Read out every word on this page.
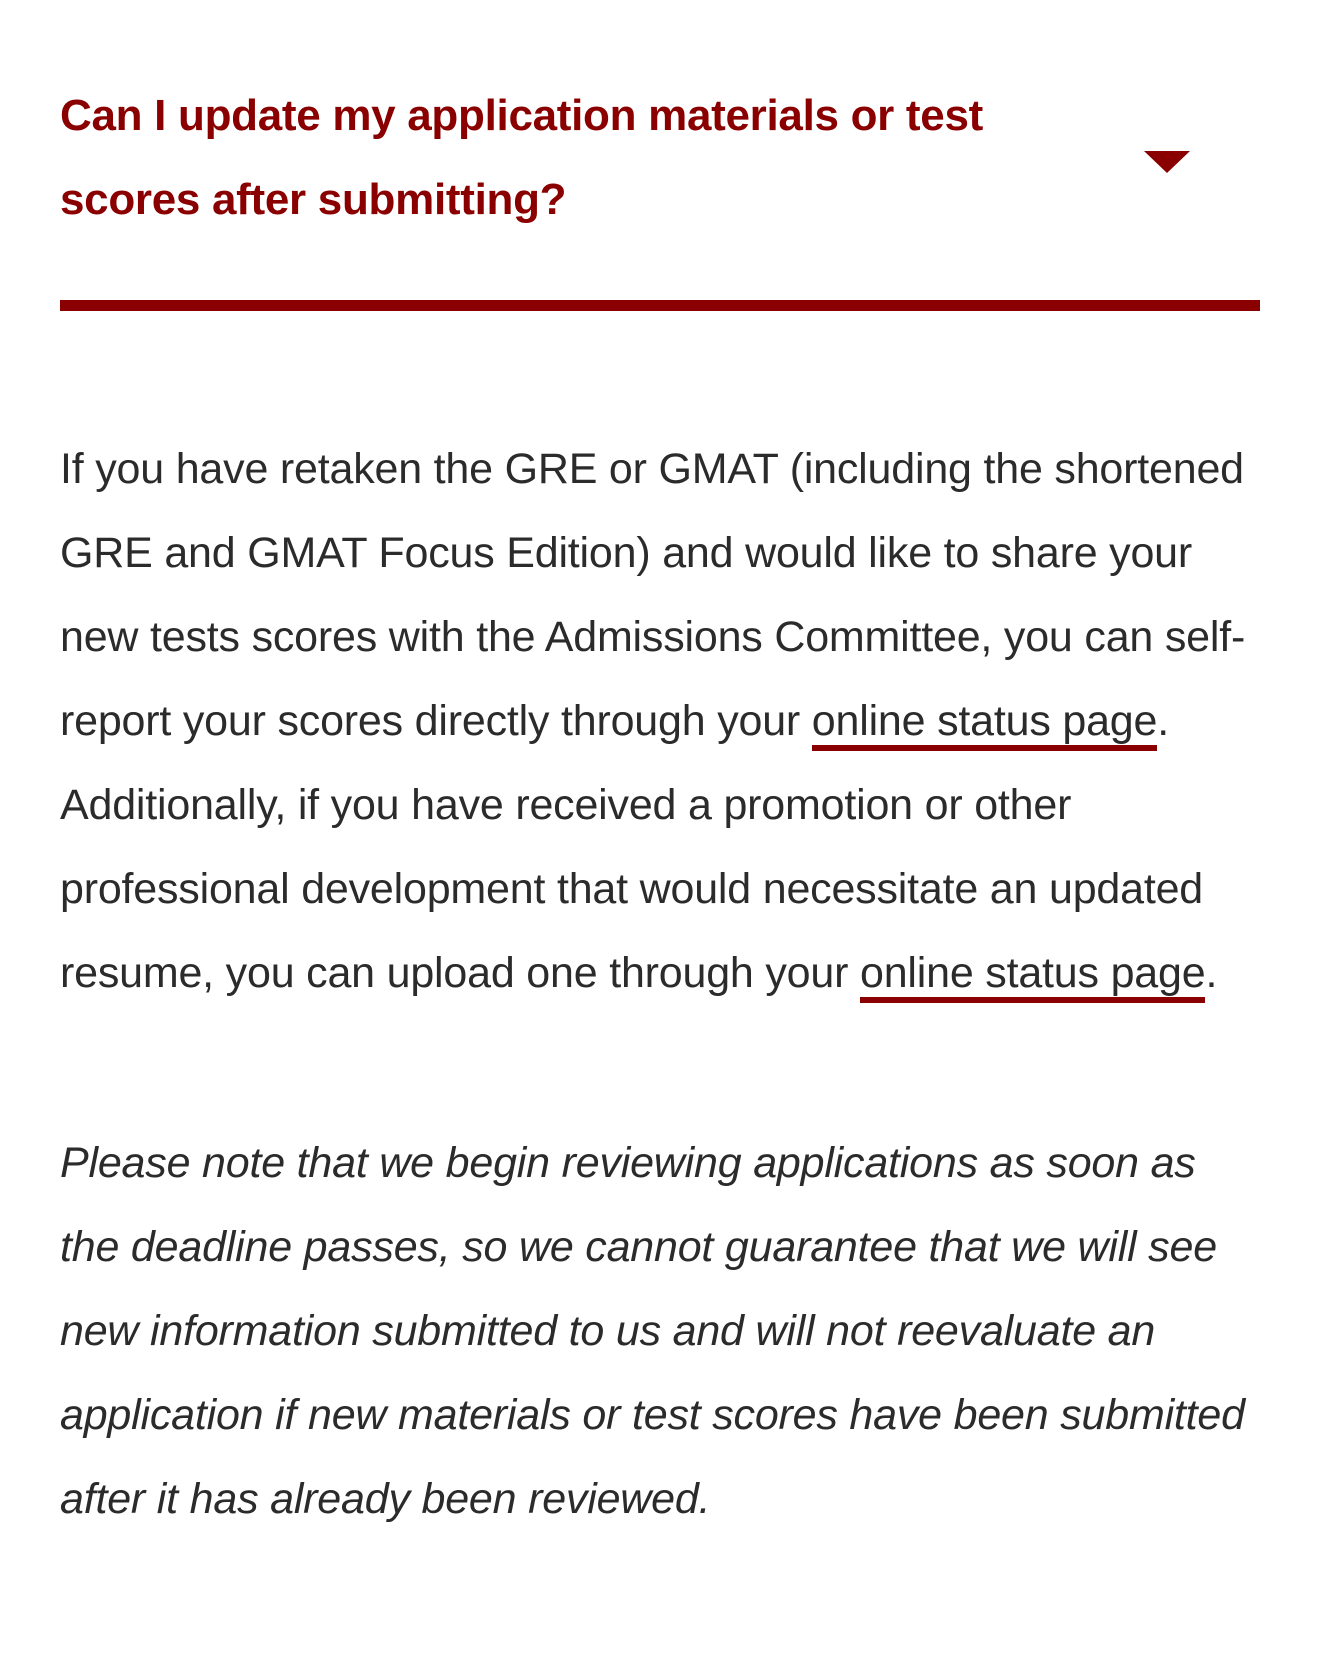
Can I update my application materials or test scores after submitting?

If you have retaken the GRE or GMAT (including the shortened GRE and GMAT Focus Edition) and would like to share your new tests scores with the Admissions Committee, you can self-report your scores directly through your online status page. Additionally, if you have received a promotion or other professional development that would necessitate an updated resume, you can upload one through your online status page.

Please note that we begin reviewing applications as soon as the deadline passes, so we cannot guarantee that we will see new information submitted to us and will not reevaluate an application if new materials or test scores have been submitted after it has already been reviewed.
